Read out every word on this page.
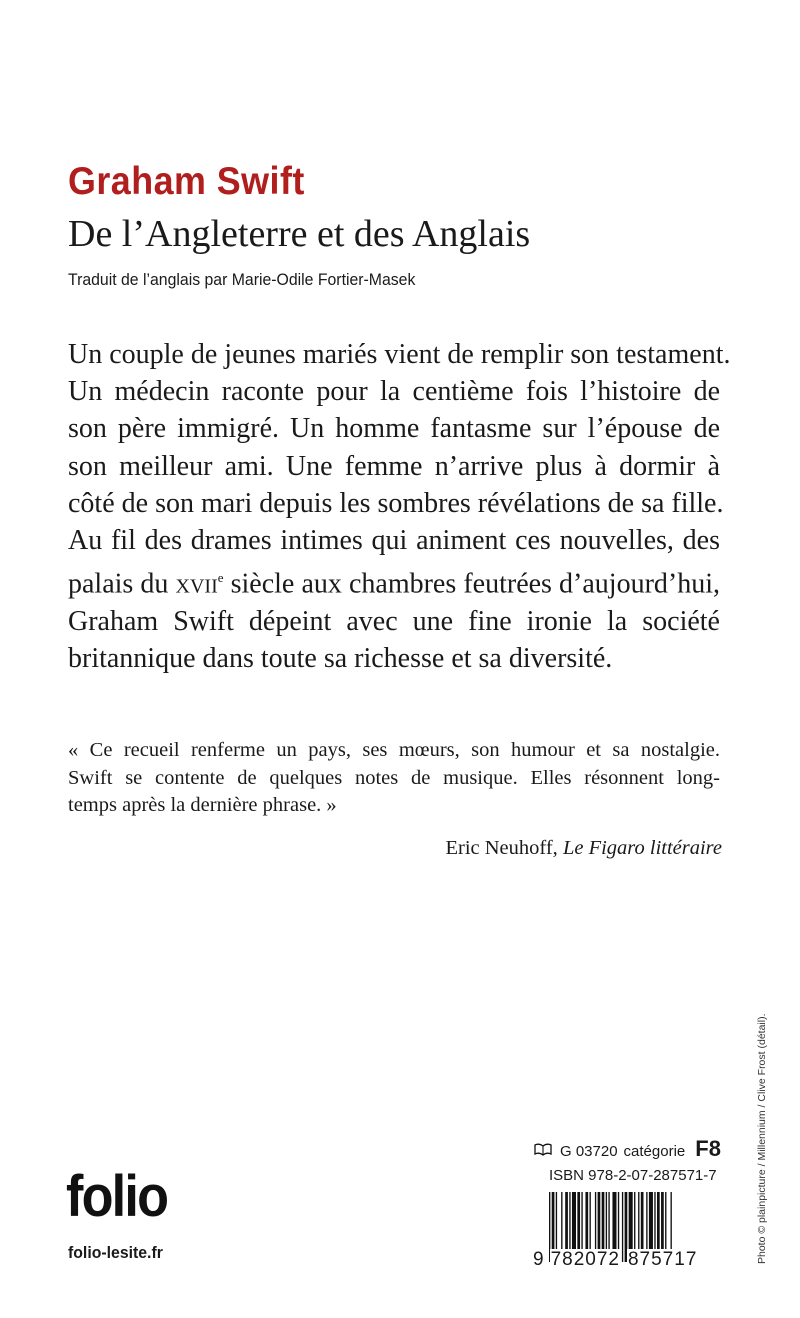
Graham Swift
De l’Angleterre et des Anglais
Traduit de l’anglais par Marie-Odile Fortier-Masek
Un couple de jeunes mariés vient de remplir son testament.
Un médecin raconte pour la centième fois l’histoire de
son père immigré. Un homme fantasme sur l’épouse de
son meilleur ami. Une femme n’arrive plus à dormir à
côté de son mari depuis les sombres révélations de sa fille.
Au fil des drames intimes qui animent ces nouvelles, des
palais du xvii$^e$ siècle aux chambres feutrées d’aujourd’hui,
Graham Swift dépeint avec une fine ironie la société
britannique dans toute sa richesse et sa diversité.
« Ce recueil renferme un pays, ses mœurs, son humour et sa nostalgie.
Swift se contente de quelques notes de musique. Elles résonnent long-
temps après la dernière phrase. »
Eric Neuhoff, Le Figaro littéraire
Photo © plainpicture / Millennium / Clive Frost (détail).
folio
folio-lesite.fr
G 03720 catégorie F8
ISBN 978-2-07-287571-7
9 782072 875717
